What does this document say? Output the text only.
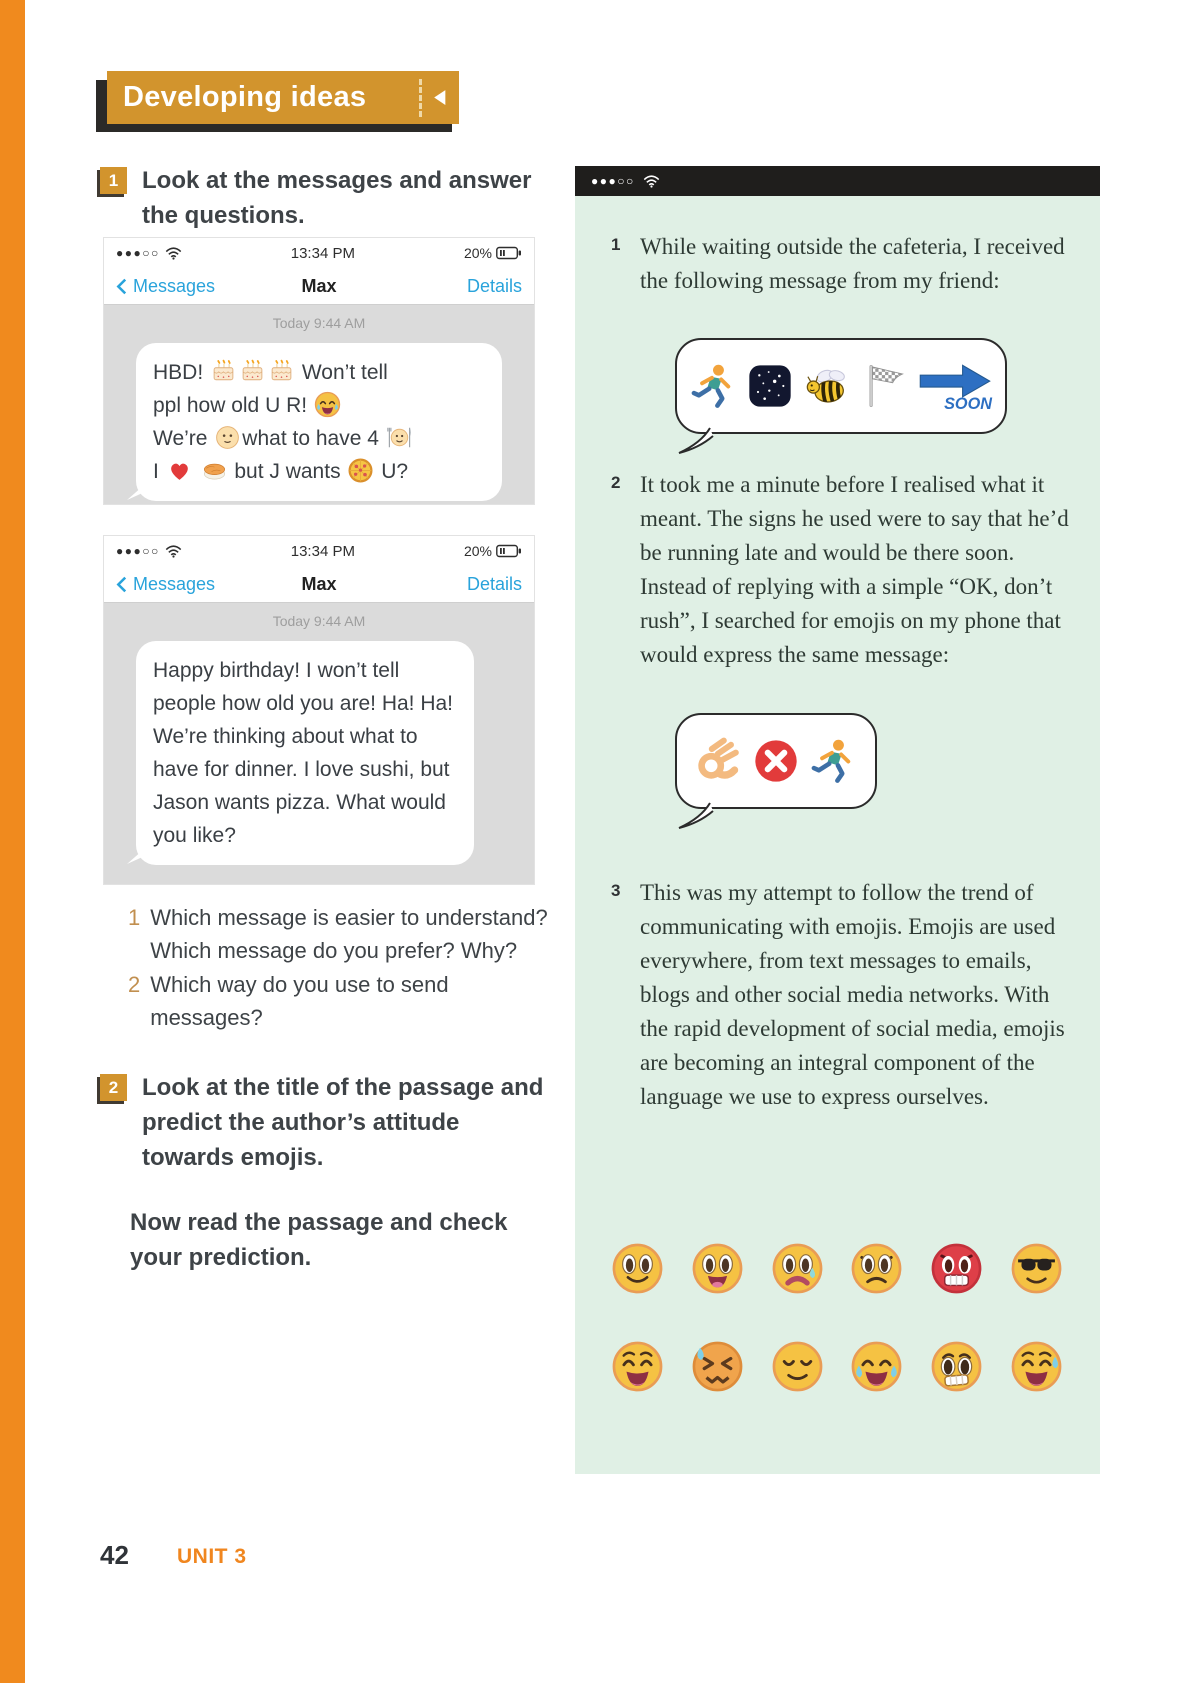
Developing ideas
1 Look at the messages and answer the questions.
●●●○○	13:34 PM	20%
Messages	Max	Details
Today 9:44 AM
HBD!	Won’t tell
ppl how old U R!

We’re
what to have 4

I
	but J wants
U?
●●●○○	13:34 PM	20%
Messages	Max	Details
Today 9:44 AM
Happy birthday! I won’t tell people how old you are! Ha! Ha! We’re thinking about what to have for dinner. I love sushi, but Jason wants pizza. What would you like?
1 Which message is easier to understand? Which message do you prefer? Why?
2 Which way do you use to send messages?
2 Look at the title of the passage and predict the author’s attitude towards emojis.
Now read the passage and check your prediction.
●●●○○
1 While waiting outside the cafeteria, I received the following message from my friend:
SOON
2 It took me a minute before I realised what it meant. The signs he used were to say that he’d be running late and would be there soon. Instead of replying with a simple “OK, don’t rush”, I searched for emojis on my phone that would express the same message:
3 This was my attempt to follow the trend of communicating with emojis. Emojis are used everywhere, from text messages to emails, blogs and other social media networks. With the rapid development of social media, emojis are becoming an integral component of the language we use to express ourselves.
42 UNIT 3
